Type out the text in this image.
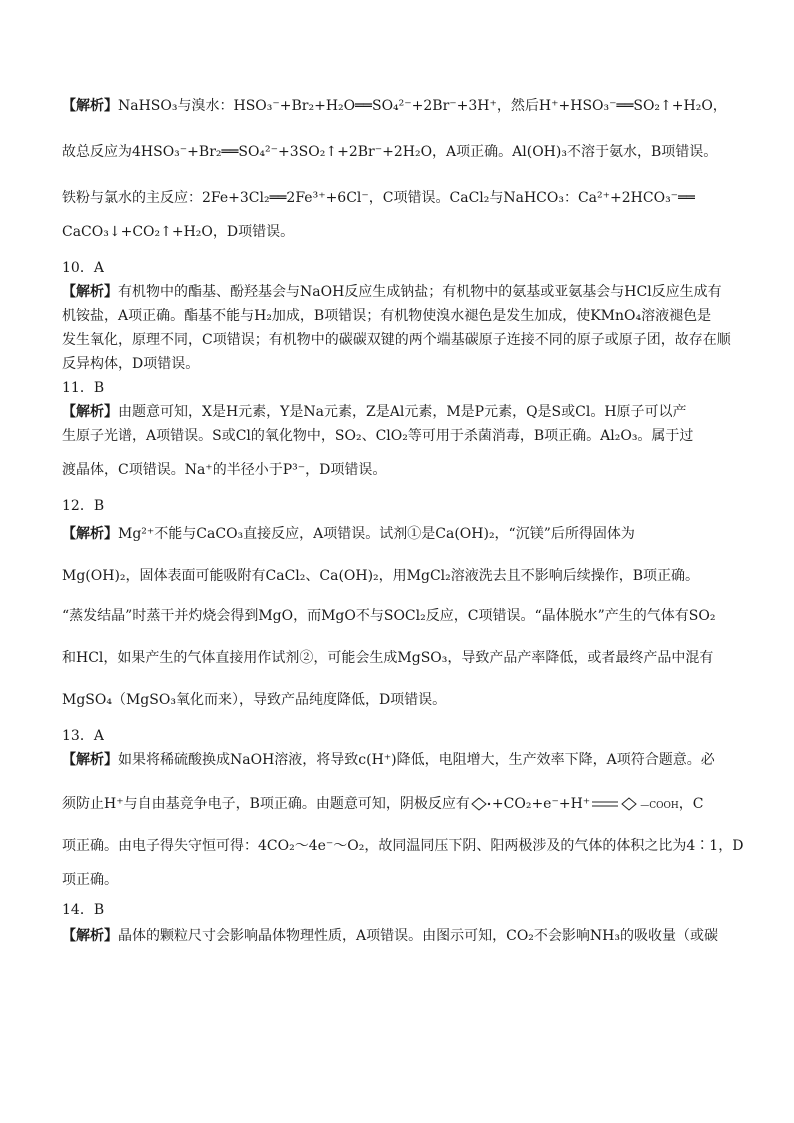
【解析】NaHSO₃与溴水：HSO₃⁻+Br₂+H₂O══SO₄²⁻+2Br⁻+3H⁺，然后H⁺+HSO₃⁻══SO₂↑+H₂O，
故总反应为4HSO₃⁻+Br₂══SO₄²⁻+3SO₂↑+2Br⁻+2H₂O，A项正确。Al(OH)₃不溶于氨水，B项错误。
铁粉与氯水的主反应：2Fe+3Cl₂══2Fe³⁺+6Cl⁻，C项错误。CaCl₂与NaHCO₃：Ca²⁺+2HCO₃⁻══
CaCO₃↓+CO₂↑+H₂O，D项错误。
10．A
【解析】有机物中的酯基、酚羟基会与NaOH反应生成钠盐；有机物中的氨基或亚氨基会与HCl反应生成有
机铵盐，A项正确。酯基不能与H₂加成，B项错误；有机物使溴水褪色是发生加成，使KMnO₄溶液褪色是
发生氧化，原理不同，C项错误；有机物中的碳碳双键的两个端基碳原子连接不同的原子或原子团，故存在顺
反异构体，D项错误。
11．B
【解析】由题意可知，X是H元素，Y是Na元素，Z是Al元素，M是P元素，Q是S或Cl。H原子可以产
生原子光谱，A项错误。S或Cl的氧化物中，SO₂、ClO₂等可用于杀菌消毒，B项正确。Al₂O₃。属于过
渡晶体，C项错误。Na⁺的半径小于P³⁻，D项错误。
12．B
【解析】Mg²⁺不能与CaCO₃直接反应，A项错误。试剂①是Ca(OH)₂，“沉镁”后所得固体为
Mg(OH)₂，固体表面可能吸附有CaCl₂、Ca(OH)₂，用MgCl₂溶液洗去且不影响后续操作，B项正确。
“蒸发结晶”时蒸干并灼烧会得到MgO，而MgO不与SOCl₂反应，C项错误。“晶体脱水”产生的气体有SO₂
和HCl，如果产生的气体直接用作试剂②，可能会生成MgSO₃，导致产品产率降低，或者最终产品中混有
MgSO₄（MgSO₃氧化而来），导致产品纯度降低，D项错误。
13．A
【解析】如果将稀硫酸换成NaOH溶液，将导致c(H⁺)降低，电阻增大，生产效率下降，A项符合题意。必
须防止H⁺与自由基竞争电子，B项正确。由题意可知，阴极反应有 +CO₂+e⁻+H⁺	—COOH，C
项正确。由电子得失守恒可得：4CO₂～4e⁻～O₂，故同温同压下阴、阳两极涉及的气体的体积之比为4∶1，D
项正确。
14．B
【解析】晶体的颗粒尺寸会影响晶体物理性质，A项错误。由图示可知，CO₂不会影响NH₃的吸收量（或碳
